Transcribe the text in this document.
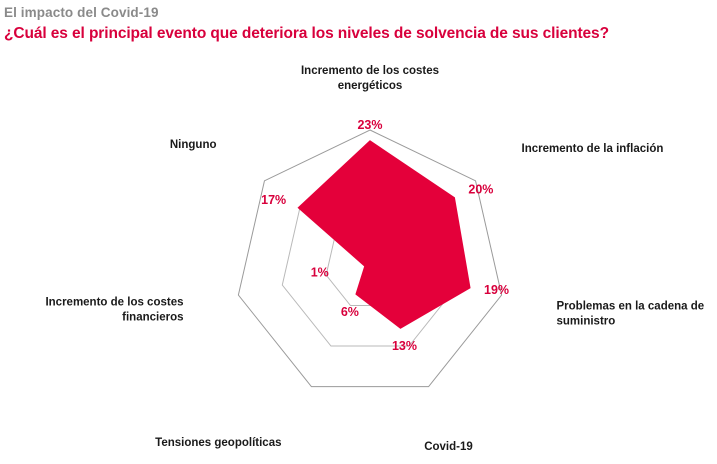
El impacto del Covid-19
¿Cuál es el principal evento que deteriora los niveles de solvencia de sus clientes?
Incremento de los costes energéticos
Incremento de la inflación
Problemas en la cadena de suministro
Covid-19
Tensiones geopolíticas
Incremento de los costes financieros
Ninguno
23%
20%
19%
13%
6%
1%
17%
